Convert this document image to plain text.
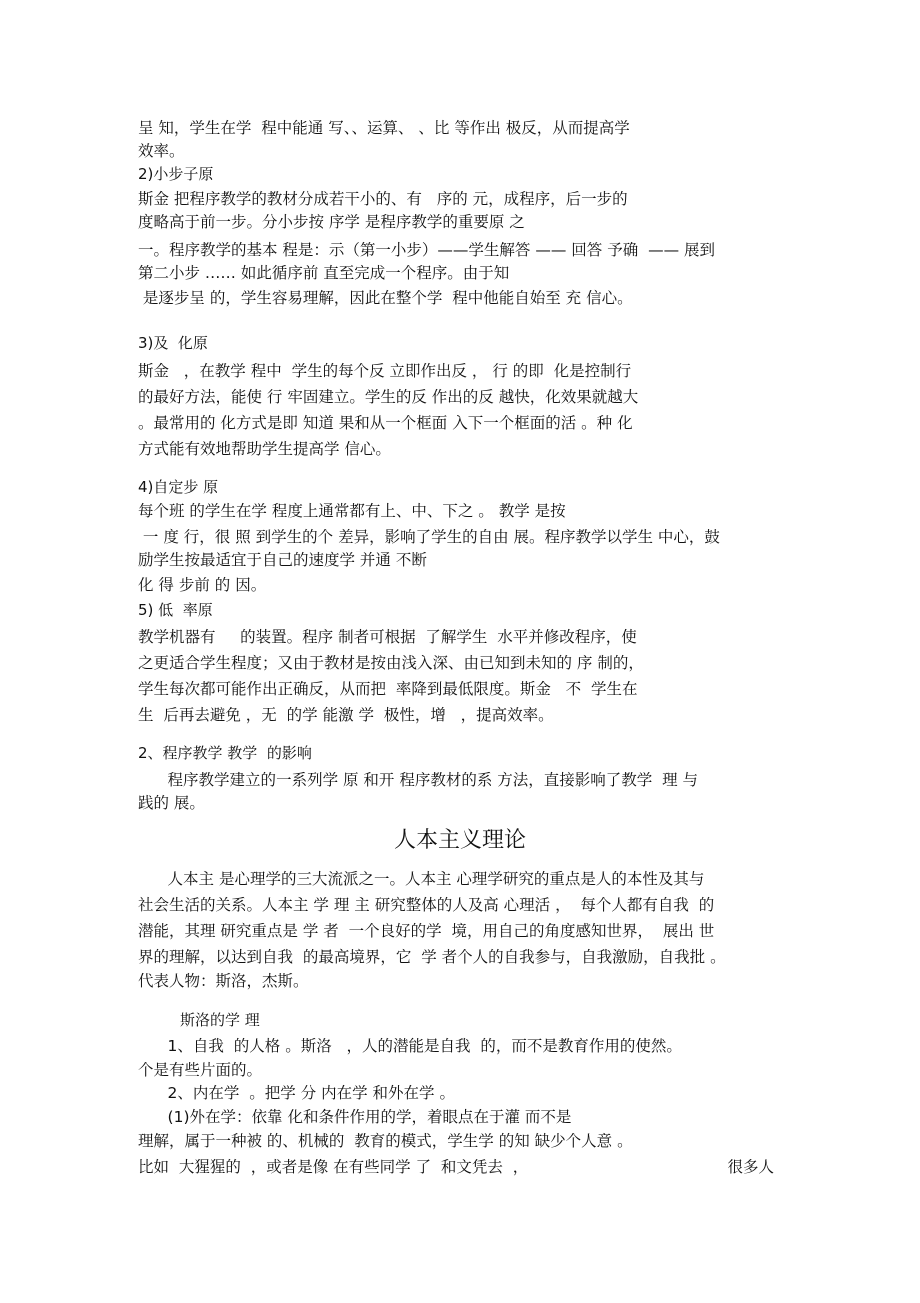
呈 知，学生在学  程中能通 写、、运算、 、比 等作出 极反，从而提高学
效率。
2)小步子原
斯金 把程序教学的教材分成若干小的、有   序的 元，成程序，后一步的
度略高于前一步。分小步按 序学 是程序教学的重要原 之
一。程序教学的基本 程是：示（第一小步）——学生解答 —— 回答 予确  —— 展到
第二小步 …… 如此循序前 直至完成一个程序。由于知
是逐步呈 的，学生容易理解，因此在整个学  程中他能自始至 充 信心。
3)及  化原
斯金   ，在教学 程中  学生的每个反 立即作出反 ， 行 的即  化是控制行
的最好方法，能使 行 牢固建立。学生的反 作出的反 越快，化效果就越大
。最常用的 化方式是即 知道 果和从一个框面 入下一个框面的活 。种 化
方式能有效地帮助学生提高学 信心。
4)自定步 原
每个班 的学生在学 程度上通常都有上、中、下之 。 教学 是按
一 度 行，很 照 到学生的个 差异，影响了学生的自由 展。程序教学以学生 中心，鼓
励学生按最适宜于自己的速度学 并通 不断
化 得 步前 的 因。
5) 低  率原
教学机器有     的装置。程序 制者可根据  了解学生  水平并修改程序，使
之更适合学生程度；又由于教材是按由浅入深、由已知到未知的 序 制的，
学生每次都可能作出正确反，从而把  率降到最低限度。斯金   不  学生在
生  后再去避免 ，无  的学 能激 学  极性，增   ，提高效率。
2、程序教学 教学  的影响
程序教学建立的一系列学 原 和开 程序教材的系 方法，直接影响了教学  理 与
践的 展。
人本主义理论
人本主 是心理学的三大流派之一。人本主 心理学研究的重点是人的本性及其与
社会生活的关系。人本主 学 理 主 研究整体的人及高 心理活 ，  每个人都有自我  的
潜能，其理 研究重点是 学 者  一个良好的学  境，用自己的角度感知世界，  展出 世
界的理解，以达到自我  的最高境界，它  学 者个人的自我参与，自我激励，自我批 。
代表人物：斯洛，杰斯。
斯洛的学 理
1、自我  的人格 。斯洛   ，人的潜能是自我  的，而不是教育作用的使然。
个是有些片面的。
2、内在学  。把学 分 内在学 和外在学 。
(1)外在学：依靠 化和条件作用的学，着眼点在于灌 而不是
理解，属于一种被 的、机械的  教育的模式，学生学 的知 缺少个人意 。
比如  大猩猩的  ，或者是像 在有些同学 了  和文凭去  ，	很多人
